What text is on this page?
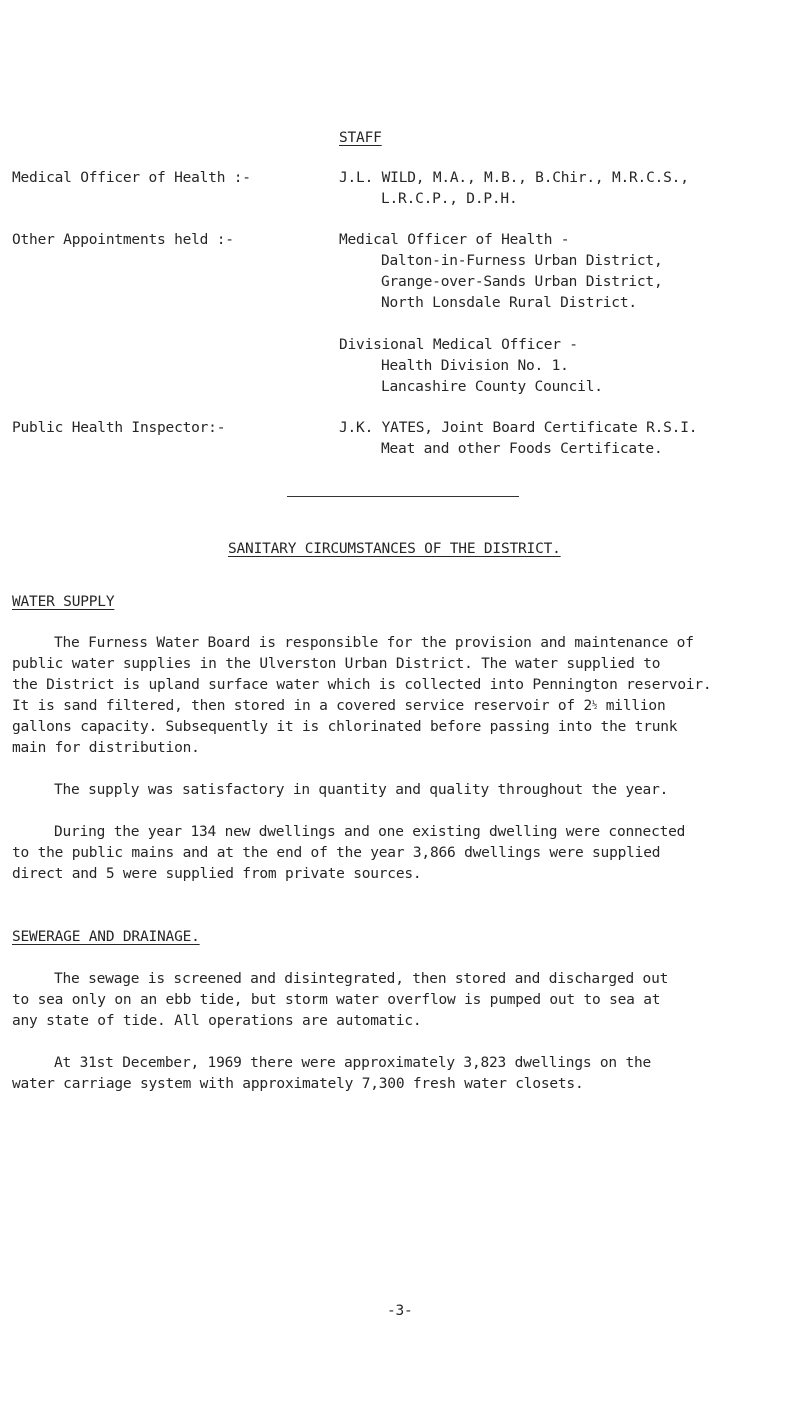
STAFF
Medical Officer of Health :-	J.L. WILD, M.A., M.B., B.Chir., M.R.C.S.,
L.R.C.P., D.P.H.
Other Appointments held :-	Medical Officer of Health -
Dalton-in-Furness Urban District,
Grange-over-Sands Urban District,
North Lonsdale Rural District.
Divisional Medical Officer -
Health Division No. 1.
Lancashire County Council.
Public Health Inspector:-	J.K. YATES, Joint Board Certificate R.S.I.
Meat and other Foods Certificate.
SANITARY CIRCUMSTANCES OF THE DISTRICT.
WATER SUPPLY
The Furness Water Board is responsible for the provision and maintenance of
public water supplies in the Ulverston Urban District. The water supplied to
the District is upland surface water which is collected into Pennington reservoir.
It is sand filtered, then stored in a covered service reservoir of 2½ million
gallons capacity. Subsequently it is chlorinated before passing into the trunk
main for distribution.
The supply was satisfactory in quantity and quality throughout the year.
During the year 134 new dwellings and one existing dwelling were connected
to the public mains and at the end of the year 3,866 dwellings were supplied
direct and 5 were supplied from private sources.
SEWERAGE AND DRAINAGE.
The sewage is screened and disintegrated, then stored and discharged out
to sea only on an ebb tide, but storm water overflow is pumped out to sea at
any state of tide. All operations are automatic.
At 31st December, 1969 there were approximately 3,823 dwellings on the
water carriage system with approximately 7,300 fresh water closets.
-3-
